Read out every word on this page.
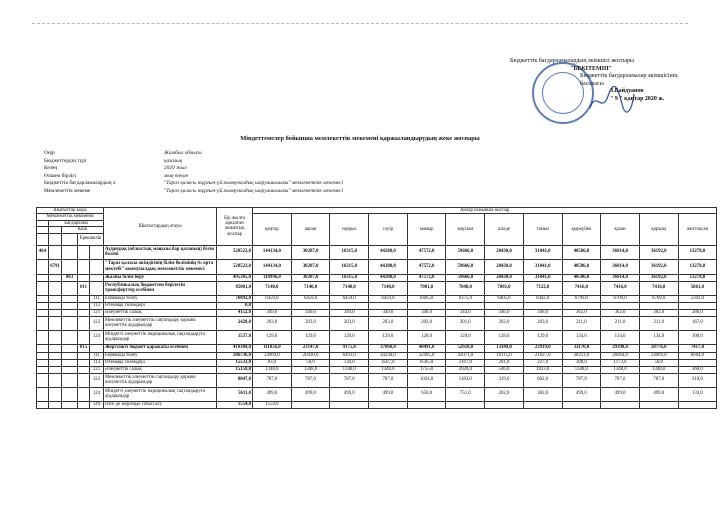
Бюджеттік бағдарламалардың әкімшісі жоспары
"БЕКІТЕМІН"
Бюджеттік бағдарламалар әкімшісінің
басшысы
З.Байдуанов
" 9 " қаңтар 2020 ж.
Міндеттемелер бойынша мемлекеттік мекемені қаржыландырудың жеке жоспары
Оңір	Жамбыл облысы
Бюджеттердің түрі	қазалық
Кезең	2020 жыл
Өлшем бірлігі	мың теңге
Бюджеттік бағдарламалардың ә	"Тараз қаласы тұрғын-үй коммуналдық шаруашылығы" мемлекеттік мекемесі
Мемлекеттік мекеме	"Тараз қаласы тұрғын-үй коммуналдық шаруашылығы" мемлекеттік мекемесі
Шығыстар коды					Шығыстардың атауы	Бір жылға арналған жиынтық жоспар	Айлар бойынша жоспар											
Мемлекеттік мекемени							қаңтар	ақпан	наурыз	сәуір	мамыр	маусым	шілде	тамыз	қыркүйек	қазан	қараша	желтоқсан
	Бағдарлама																	
		Кіші																
			Ерекшелік															
464					Аудандық (облыстық маңызы бар қаланың) білім бөлімі	520523,0	144134,0	30287,0	16315,0	44208,0	47572,0	59666,0	20430,0	31041,0	40586,0	36814,0	36192,0	13278,0
	6791				"Тараз қаласы әкімдігінің білім бөлімінің № орта мектебі" коммуналдық мемлекеттік мекемесі	520523,0	144134,0	30287,0	16315,0	44208,0	47572,0	59666,0	20430,0	31041,0	40586,0	36814,0	36192,0	13278,0
		003			Жалпы білім беру	495385,0	118996,0	30287,0	16315,0	44208,0	47572,0	59666,0	20430,0	31041,0	40586,0	36814,0	36192,0	13278,0
			011		Республикалық бюджеттен берілетін трансферттер есебінен	85001,0	7140,0	7140,0	7140,0	7140,0	7081,0	7048,0	7081,0	7122,0	7416,0	7416,0	7416,0	5861,0
				111	Еңбекақы төлеу	76892,0	6459,0	6459,0	6459,0	6459,0	6405,0	6375,0	6405,0	6442,0	6709,0	6709,0	6709,0	5302,0
				113	Өтемақы төлемдері	0,0												
				121	Әлеуметтік салық	4152,0	349,0	349,0	349,0	349,0	346,0	344,0	346,0	348,0	362,0	362,0	362,0	286,0
				122	Мемлекеттік әлеуметтік сақтандыру қорына әлеуметтік аударымдар	2420,0	203,0	203,0	203,0	203,0	202,0	201,0	202,0	203,0	211,0	211,0	211,0	167,0
				124	Міндетті әлеуметтік медициналық сақтандыруға аударымдар	1537,0	129,0	129,0	129,0	129,0	128,0	128,0	128,0	129,0	134,0	134,0	134,0	106,0
			015		Жергілікті бюджет қаражаты есебінен	410384,0	111856,0	23147,0	9175,0	37068,0	40491,0	52618,0	13349,0	23919,0	33170,0	29398,0	28776,0	7417,0
				111	Еңбекақы төлеу	286736,0	24969,0	20430,0	6491,0	34230,0	32495,0	42071,0	10115,0	21627,0	30211,0	26664,0	24969,0	6664,0
				113	Өтемақы төлемдері	15533,0	83,0	50,0	130,0	4567,0	6585,0	2167,0	201,0	227,0	300,0	1173,0	50,0	
				121	Әлеуметтік салық	15158,0	1348,0	1348,0	1348,0	1348,0	1755,0	2028,0	546,0	1023,0	1348,0	1348,0	1348,0	360,0
				122	Мемлекеттік әлеуметтік сақтандыру қорына әлеуметтік аударымдар	8847,0	787,0	787,0	787,0	787,0	1024,0	1183,0	319,0	602,0	787,0	787,0	787,0	210,0
				124	Міндетті әлеуметтік медициналық сақтандыруға аударымдар	5611,0	499,0	499,0	499,0	499,0	650,0	751,0	202,0	382,0	499,0	499,0	499,0	133,0
				149	Өзге де жерлерде сатып алу	1554,0	1554,0											
